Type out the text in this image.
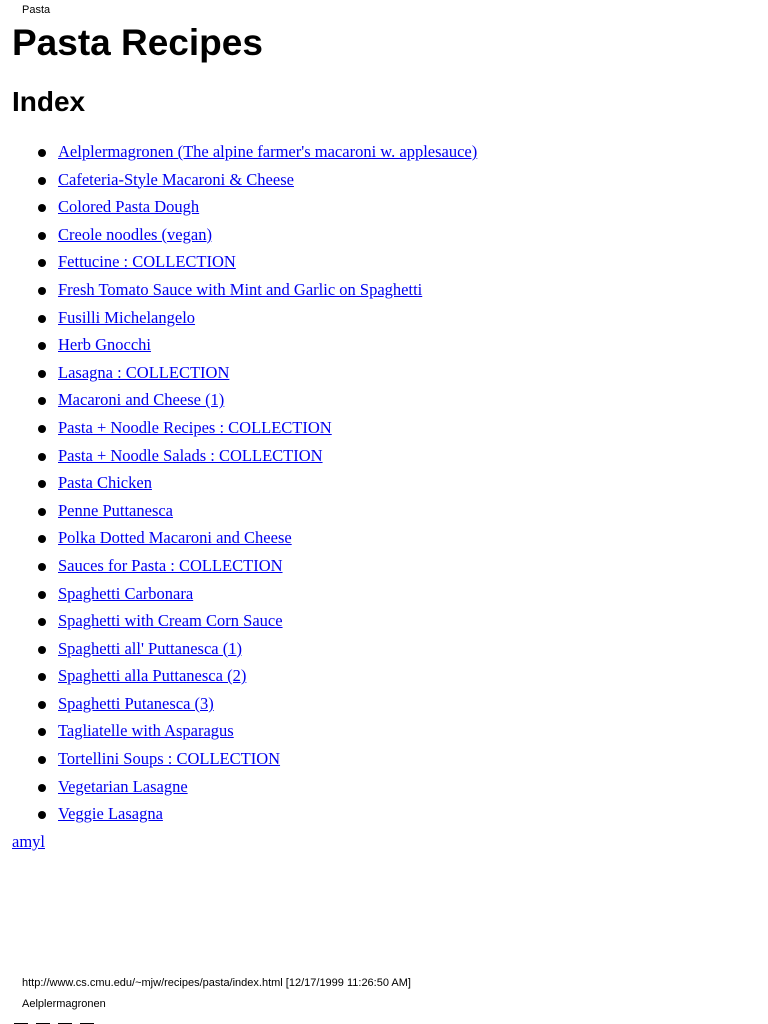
Pasta
Pasta Recipes
Index
Aelplermagronen (The alpine farmer's macaroni w. applesauce)
Cafeteria-Style Macaroni & Cheese
Colored Pasta Dough
Creole noodles (vegan)
Fettucine : COLLECTION
Fresh Tomato Sauce with Mint and Garlic on Spaghetti
Fusilli Michelangelo
Herb Gnocchi
Lasagna : COLLECTION
Macaroni and Cheese (1)
Pasta + Noodle Recipes : COLLECTION
Pasta + Noodle Salads : COLLECTION
Pasta Chicken
Penne Puttanesca
Polka Dotted Macaroni and Cheese
Sauces for Pasta : COLLECTION
Spaghetti Carbonara
Spaghetti with Cream Corn Sauce
Spaghetti all' Puttanesca (1)
Spaghetti alla Puttanesca (2)
Spaghetti Putanesca (3)
Tagliatelle with Asparagus
Tortellini Soups : COLLECTION
Vegetarian Lasagne
Veggie Lasagna
amyl
http://www.cs.cmu.edu/~mjw/recipes/pasta/index.html [12/17/1999 11:26:50 AM]
Aelplermagronen
